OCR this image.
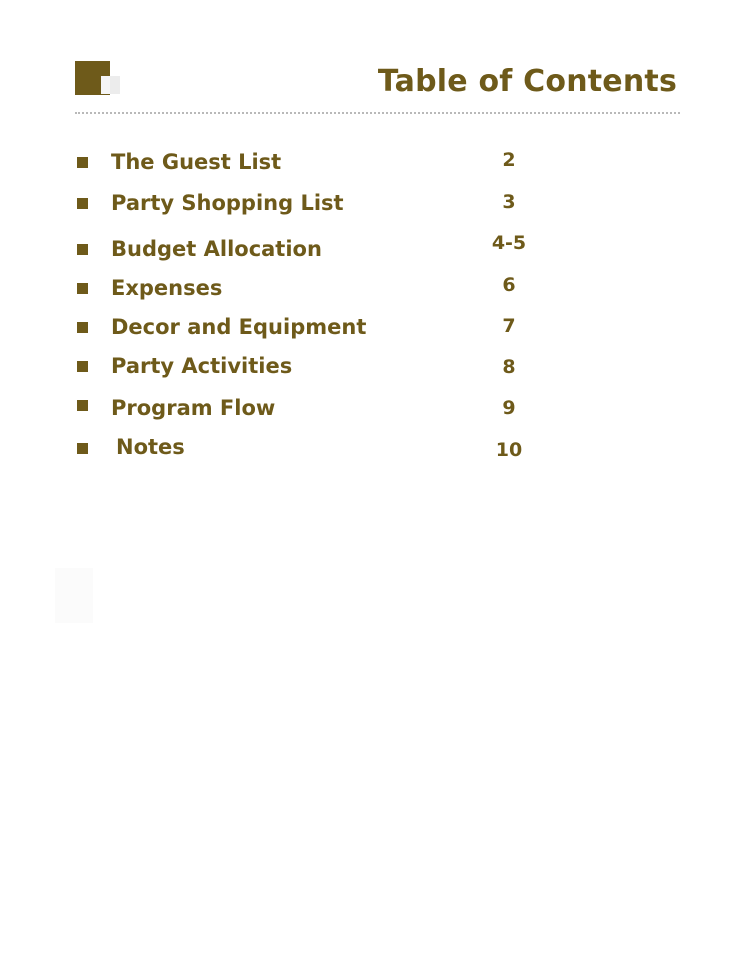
Table of Contents
The Guest List	2
Party Shopping List	3
Budget Allocation	4-5
Expenses	6
Decor and Equipment	7
Party Activities	8
Program Flow	9
Notes	10
